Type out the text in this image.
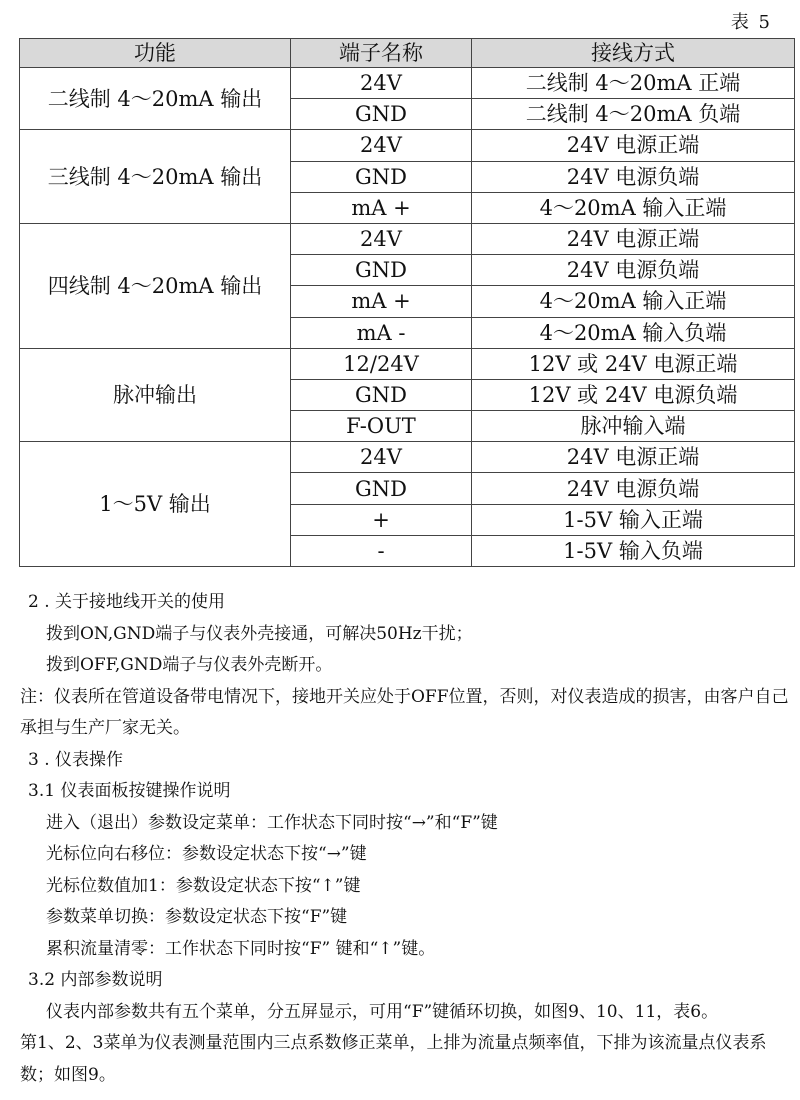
表 5
功能	端子名称	接线方式
二线制 4～20mA 输出	24V	二线制 4～20mA 正端
	GND	二线制 4～20mA 负端
三线制 4～20mA 输出	24V	24V 电源正端
	GND	24V 电源负端
	mA +	4～20mA 输入正端
四线制 4～20mA 输出	24V	24V 电源正端
	GND	24V 电源负端
	mA +	4～20mA 输入正端
	mA -	4～20mA 输入负端
脉冲输出	12/24V	12V 或 24V 电源正端
	GND	12V 或 24V 电源负端
	F-OUT	脉冲输入端
1～5V 输出	24V	24V 电源正端
	GND	24V 电源负端
	+	1-5V 输入正端
	-	1-5V 输入负端

2 . 关于接地线开关的使用

拨到ON,GND端子与仪表外壳接通，可解决50Hz干扰；

拨到OFF,GND端子与仪表外壳断开。

注：仪表所在管道设备带电情况下，接地开关应处于OFF位置，否则，对仪表造成的损害，由客户自己承担与生产厂家无关。

3 . 仪表操作

3.1 仪表面板按键操作说明

进入（退出）参数设定菜单：工作状态下同时按“→”和“F”键

光标位向右移位：参数设定状态下按“→”键

光标位数值加1：参数设定状态下按“↑”键

参数菜单切换：参数设定状态下按“F”键

累积流量清零：工作状态下同时按“F” 键和“↑”键。

3.2 内部参数说明

仪表内部参数共有五个菜单，分五屏显示，可用“F”键循环切换，如图9、10、11，表6。

第1、2、3菜单为仪表测量范围内三点系数修正菜单，上排为流量点频率值，下排为该流量点仪表系数；如图9。
